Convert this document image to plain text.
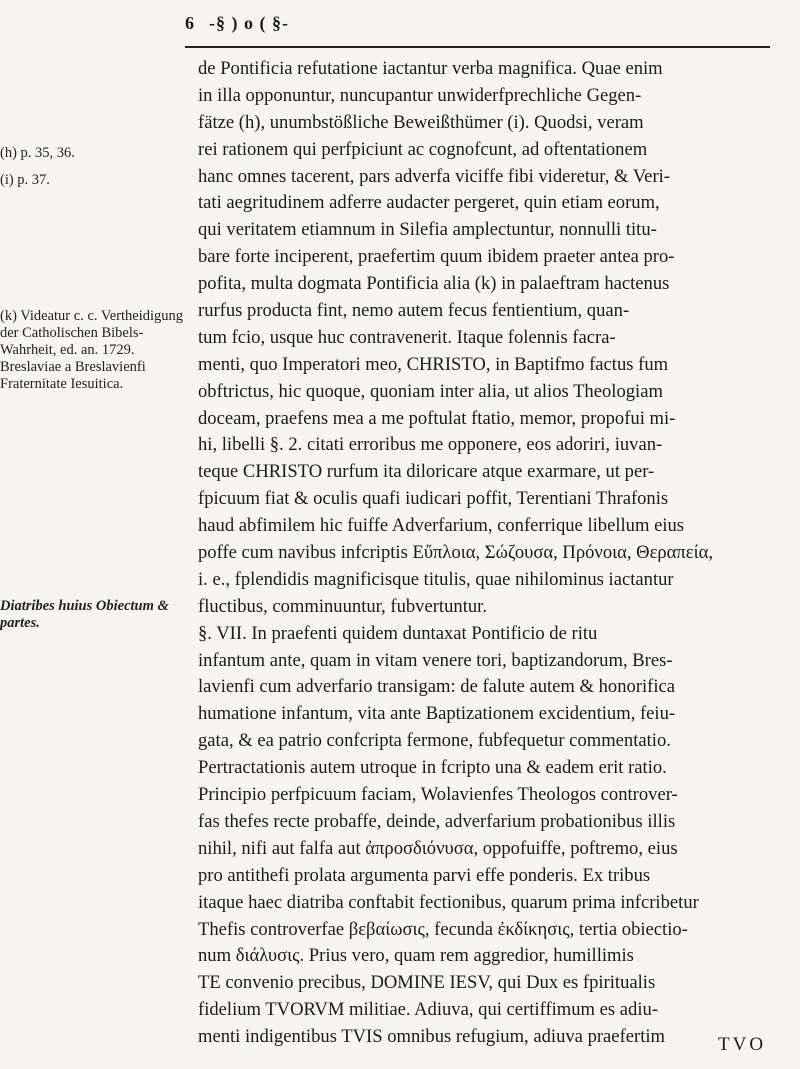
6 -§ ) o ( §-
(h) p. 35, 36.
(i) p. 37.
(k) Videatur c. c. Vertheidigung der Catholischen Bibels-Wahrheit, ed. an. 1729. Breslaviae a Breslavienfi Fraternitate Iesuitica.
Diatribes huius Obiectum & partes.
de Pontificia refutatione iactantur verba magnifica. Quae enim
in illa opponuntur, nuncupantur unwiderfprechliche Gegen-
fätze (h), unumbstößliche Beweißthümer (i). Quodsi, veram
rei rationem qui perfpiciunt ac cognofcunt, ad oftentationem
hanc omnes tacerent, pars adverfa viciffe fibi videretur, & Veri-
tati aegritudinem adferre audacter pergeret, quin etiam eorum,
qui veritatem etiamnum in Silefia amplectuntur, nonnulli titu-
bare forte inciperent, praefertim quum ibidem praeter antea pro-
pofita, multa dogmata Pontificia alia (k) in palaeftram hactenus
rurfus producta fint, nemo autem fecus fentientium, quan-
tum fcio, usque huc contravenerit. Itaque folennis facra-
menti, quo Imperatori meo, CHRISTO, in Baptifmo factus fum
obftrictus, hic quoque, quoniam inter alia, ut alios Theologiam
doceam, praefens mea a me poftulat ftatio, memor, propofui mi-
hi, libelli §. 2. citati erroribus me opponere, eos adoriri, iuvan-
teque CHRISTO rurfum ita diloricare atque exarmare, ut per-
fpicuum fiat & oculis quafi iudicari poffit, Terentiani Thrafonis
haud abfimilem hic fuiffe Adverfarium, conferrique libellum eius
poffe cum navibus infcriptis Εὔπλοια, Σώζουσα, Πρόνοια, Θεραπεία,
i. e., fplendidis magnificisque titulis, quae nihilominus iactantur
fluctibus, comminuuntur, fubvertuntur.
§. VII. In praefenti quidem duntaxat Pontificio de ritu
infantum ante, quam in vitam venere tori, baptizandorum, Bres-
lavienfi cum adverfario transigam: de falute autem & honorifica
humatione infantum, vita ante Baptizationem excidentium, feiu-
gata, & ea patrio confcripta fermone, fubfequetur commentatio.
Pertractationis autem utroque in fcripto una & eadem erit ratio.
Principio perfpicuum faciam, Wolavienfes Theologos controver-
fas thefes recte probaffe, deinde, adverfarium probationibus illis
nihil, nifi aut falfa aut ἀπροσδιόνυσα, oppofuiffe, poftremo, eius
pro antithefi prolata argumenta parvi effe ponderis. Ex tribus
itaque haec diatriba conftabit fectionibus, quarum prima infcribetur
Thefis controverfae βεβαίωσις, fecunda ἐκδίκησις, tertia obiectio-
num διάλυσις. Prius vero, quam rem aggredior, humillimis
TE convenio precibus, DOMINE IESV, qui Dux es fpiritualis
fidelium TVORVM militiae. Adiuva, qui certiffimum es adiu-
menti indigentibus TVIS omnibus refugium, adiuva praefertim	TVO
